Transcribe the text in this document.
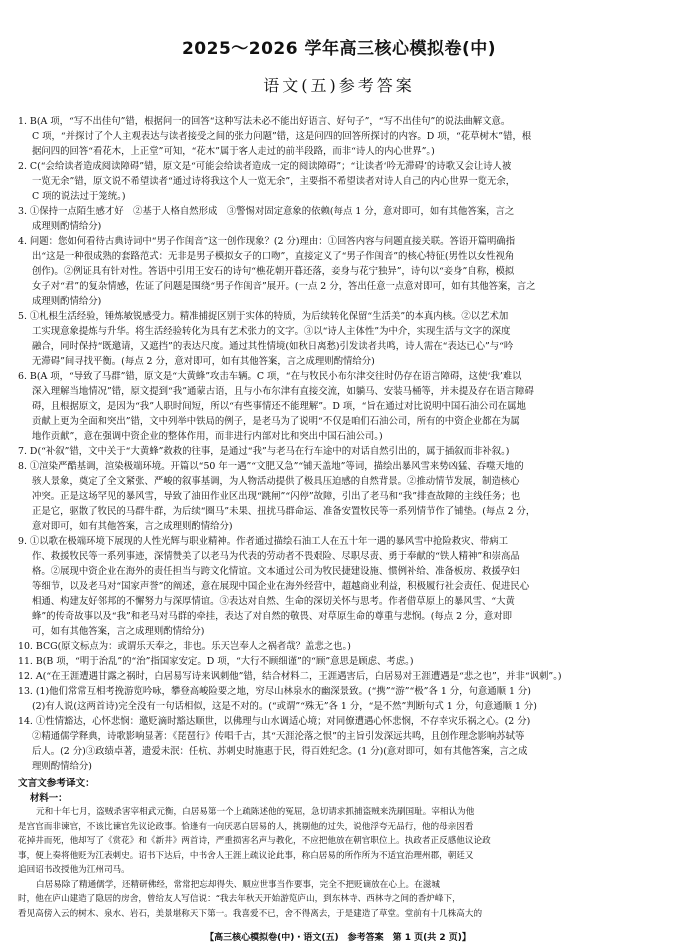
2025～2026 学年高三核心模拟卷(中)
语文(五)参考答案

1. B(A 项，“写不出佳句”错，根据问一的回答“这种写法未必不能出好语言、好句子”，“写不出佳句”的说法曲解文意。

C 项，“并探讨了个人主观表达与读者接受之间的张力问题”错，这是问四的回答所探讨的内容。D 项，“花草树木”错，根

据问四的回答“看花木，上正堂”可知，“花木”属于客人走过的前半段路，而非“诗人的内心世界”。)

2. C(“会给读者造成阅读障碍”错，原文是“可能会给读者造成一定的阅读障碍”；“让读者‘吟无滞碍’的诗歌又会让诗人被

一览无余”错，原文说不希望读者“通过诗将我这个人一览无余”，主要指不希望读者对诗人自己的内心世界一览无余，

C 项的说法过于笼统。)

3. ①保持一点陌生感才好　②基于人格自然形成　③警惕对固定意象的依赖(每点 1 分，意对即可，如有其他答案，言之

成理则酌情给分)

4. 问题：您如何看待古典诗词中“男子作闺音”这一创作现象？(2 分)理由：①回答内容与问题直接关联。答语开篇明确指

出“这是一种很成熟的套路范式：无非是男子模拟女子的口吻”，直接定义了“男子作闺音”的核心特征(男性以女性视角

创作)。②例证具有针对性。答语中引用王安石的诗句“樵花朝开暮还落，妾身与花宁独异”，诗句以“妾身”自称，模拟

女子对“君”的复杂情感，佐证了问题是围绕“男子作闺音”展开。(一点 2 分，答出任意一点意对即可，如有其他答案，言之

成理则酌情给分)

5. ①札根生活经验，锤炼敏锐感受力。精准捕捉区别于实体的特质，为后续转化保留“生活美”的本真内核。②以艺术加

工实现意象提炼与升华。将生活经验转化为具有艺术张力的文字。③以“诗人主体性”为中介，实现生活与文字的深度

融合，同时保持“既邀请，又遮挡”的表达尺度。通过其性情境(如秋日离愁)引发读者共鸣，诗人需在“表达已心”与“吟

无滞碍”间寻找平衡。(每点 2 分，意对即可，如有其他答案，言之成理则酌情给分)

6. B(A 项，“导致了马群”错，原文是“大黄蜂”攻击车辆。C 项，“在与牧民小布尔津交往时仍存在语言障碍，这使‘我’难以

深入理解当地情况”错，原文提到“我”通蒙古语，且与小布尔津有直接交流，如躺马、安装马桶等，并未提及存在语言障碍

碍，且根据原文，是因为“我”人职时间短，所以“有些事情还不能理解”。D 项，“旨在通过对比说明中国石油公司在属地

贡献上更为全面和突出”错，文中列举中铁局的例子，是老马为了说明“不仅是咱们石油公司，所有的中资企业都在为属

地作贡献”，意在强调中资企业的整体作用，而非进行内部对比和突出中国石油公司。)

7. D(“补叙”错，文中关于“大黄蜂”救救的往事，是通过“我”与老马在行车途中的对话自然引出的，属于插叙而非补叙。)

8. ①渲染严酷基调，渲染极端环境。开篇以“50 年一遇”“文肥又急”“铺天盖地”等词，描绘出暴风雪来势凶猛、吞噬天地的

骇人景象，奠定了全文紧张、严峻的叙事基调，为人物活动提供了极具压迫感的自然背景。②推动情节发展，制造核心

冲突。正是这场罕见的暴风雪，导致了油田作业区出现“跳闸”“闪停”故障，引出了老马和“我”排查故障的主线任务；也

正是它，驱散了牧民的马群牛群，为后续“圈马”未果、扭扰马群命运、准备安置牧民等一系列情节作了铺垫。(每点 2 分，

意对即可，如有其他答案，言之成理则酌情给分)

9. ①以歌在极端环境下展现的人性光辉与职业精神。作者通过描绘石油工人在五十年一遇的暴风雪中抢险救灾、带病工

作、救援牧民等一系列事迹，深情赞美了以老马为代表的劳动者不畏艰险、尽职尽责、勇于奉献的“铁人精神”和崇高品

格。②展现中资企业在海外的责任担当与跨文化情谊。文本通过公司为牧民捷建设施、惯例补给、准备板房、救援孕妇

等细节，以及老马对“国家声誉”的阐述，意在展现中国企业在海外经营中，超越商业利益，积极履行社会责任、促进民心

相通、构建友好邻邦的不懈努力与深厚情谊。③表达对自然、生命的深切关怀与思考。作者借草原上的暴风雪、“大黄

蜂”的传奇故事以及“我”和老马对马群的牵挂，表达了对自然的敬畏、对草原生命的尊重与悲悯。(每点 2 分，意对即

可，如有其他答案，言之成理则酌情给分)

10. BCG(原文标点为：或谓乐天奉之，非也。乐天岂奉人之祸者哉？盖悲之也。)

11. B(B 项，“明于治乱”的“治”指国家安定。D 项，“大行不顾细谨”的“顾”意思是顾虑、考虑。)

12. A(“在王涯遭遇甘露之祸时，白居易写诗来讽刺他”错，结合材料二，王涯遇害后，白居易对王涯遭遇是“悲之也”，并非“讽刺”。)

13. (1)他们常常互相考挽游览吟咏，攀登高峻险要之地，穷尽山林泉水的幽深景致。(“携”“游”“极”各 1 分，句意通顺 1 分)

(2)有人说(这两首诗)完全没有一句话相似，这是不对的。(“或谓”“殊无”各 1 分，“是不然”判断句式 1 分，句意通顺 1 分)

14. ①性情豁达，心怀悲悯：邀贬滴时豁达顺世，以佛理与山水调适心境；对同僚遭遇心怀悲悯，不存幸灾乐祸之心。(2 分)

②精通儒学释典，诗歌影响显著：《琵琶行》传唱千古，其“天涯沦落之恨”的主旨引发深远共鸣，且创作理念影响苏轼等

后人。(2 分)③政绩卓著，遗爱未泯：任杭、苏刺史时施惠于民，得百姓纪念。(1 分)(意对即可，如有其他答案，言之成

理则酌情给分)

文言文参考译文：
材料一：

元和十年七月，盗贼杀害宰相武元衡，白居易第一个上疏陈述他的冤屈，急切请求抓捕盗贼来洗刷国耻。宰相认为他

是宫官而非谏官，不该比谏官先议论政事。恰逢有一向厌恶白居易的人，挑剔他的过失，说他浮夸无品行，他的母亲因看

花掉井而死，他却写了《赏花》和《新井》两首诗，严重损害名声与教化，不应把他放在朝官职位上。执政者正反感他议论政

事，便上奏将他贬为江表刺史。诏书下达后，中书舍人王涯上疏议论此事，称白居易的所作所为不适宜治理州郡，朝廷又

追回诏书改授他为江州司马。

白居易除了精通儒学，还精研佛经，常常把忘却得失、顺应世事当作要事，完全不把贬谪放在心上。在滋城

时，他在庐山建造了隐居的房舍，曾给友人写信说：“我去年秋天开始游览庐山，到东林寺、西林寺之间的香炉峰下，

看见高傍入云的树木、泉水、岩石，美景堪称天下第一。我喜爱不已，舍不得离去，于是建造了草堂。堂前有十几株高大的

【高三核心模拟卷(中)・语文(五)　参考答案　第 1 页(共 2 页)】
